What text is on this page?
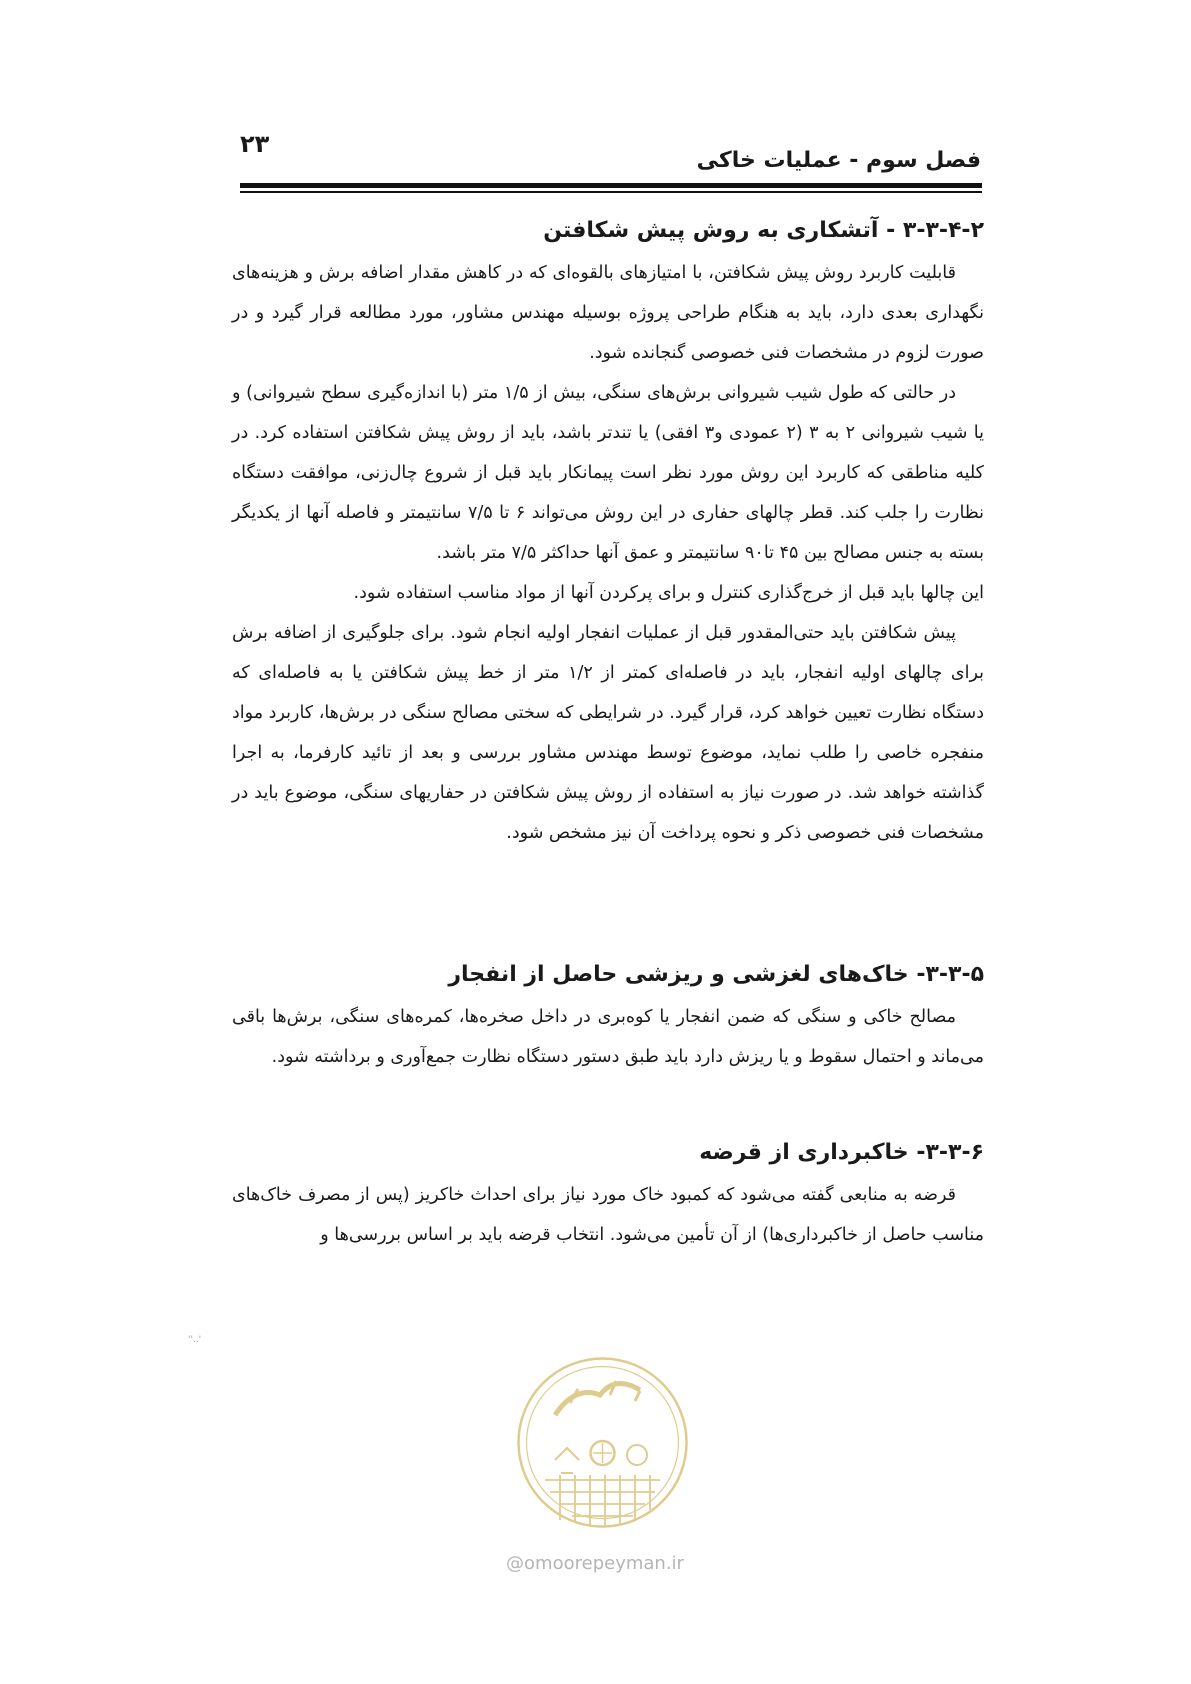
۲۳
فصل سوم - عملیات خاکی
۳-۳-۴-۲ - آتشکاری به روش پیش شکافتن

قابلیت کاربرد روش پیش شکافتن، با امتیازهای بالقوه‌ای که در کاهش مقدار اضافه برش و هزینه‌های نگهداری بعدی دارد، باید به هنگام طراحی پروژه بوسیله مهندس مشاور، مورد مطالعه قرار گیرد و در صورت لزوم در مشخصات فنی خصوصی گنجانده شود.

در حالتی که طول شیب شیروانی برش‌های سنگی، بیش از ۱/۵ متر (با اندازه‌گیری سطح شیروانی) و یا شیب شیروانی ۲ به ۳ (۲ عمودی و۳ افقی) یا تندتر باشد، باید از روش پیش شکافتن استفاده کرد. در کلیه مناطقی که کاربرد این روش مورد نظر است پیمانکار باید قبل از شروع چال‌زنی، موافقت دستگاه نظارت را جلب کند. قطر چالهای حفاری در این روش می‌تواند ۶ تا ۷/۵ سانتیمتر و فاصله آنها از یکدیگر بسته به جنس مصالح بین ۴۵ تا۹۰ سانتیمتر و عمق آنها حداکثر ۷/۵ متر باشد.

این چالها باید قبل از خرج‌گذاری کنترل و برای پرکردن آنها از مواد مناسب استفاده شود.

پیش شکافتن باید حتی‌المقدور قبل از عملیات انفجار اولیه انجام شود. برای جلوگیری از اضافه برش برای چالهای اولیه انفجار، باید در فاصله‌ای کمتر از ۱/۲ متر از خط پیش شکافتن یا به فاصله‌ای که دستگاه نظارت تعیین خواهد کرد، قرار گیرد. در شرایطی که سختی مصالح سنگی در برش‌ها، کاربرد مواد منفجره خاصی را طلب نماید، موضوع توسط مهندس مشاور بررسی و بعد از تائید کارفرما، به اجرا گذاشته خواهد شد. در صورت نیاز به استفاده از روش پیش شکافتن در حفاریهای سنگی، موضوع باید در مشخصات فنی خصوصی ذکر و نحوه پرداخت آن نیز مشخص شود.

۳-۳-۵- خاک‌های لغزشی و ریزشی حاصل از انفجار

مصالح خاکی و سنگی که ضمن انفجار یا کوه‌بری در داخل صخره‌ها، کمره‌های سنگی، برش‌ها باقی می‌ماند و احتمال سقوط و یا ریزش دارد باید طبق دستور دستگاه نظارت جمع‌آوری و برداشته شود.

۳-۳-۶- خاکبرداری از قرضه

قرضه به منابعی گفته می‌شود که کمبود خاک مورد نیاز برای احداث خاکریز (پس از مصرف خاک‌های مناسب حاصل از خاکبرداری‌ها) از آن تأمین می‌شود. انتخاب قرضه باید بر اساس بررسی‌ها و

''..'
@omoorepeyman.ir
